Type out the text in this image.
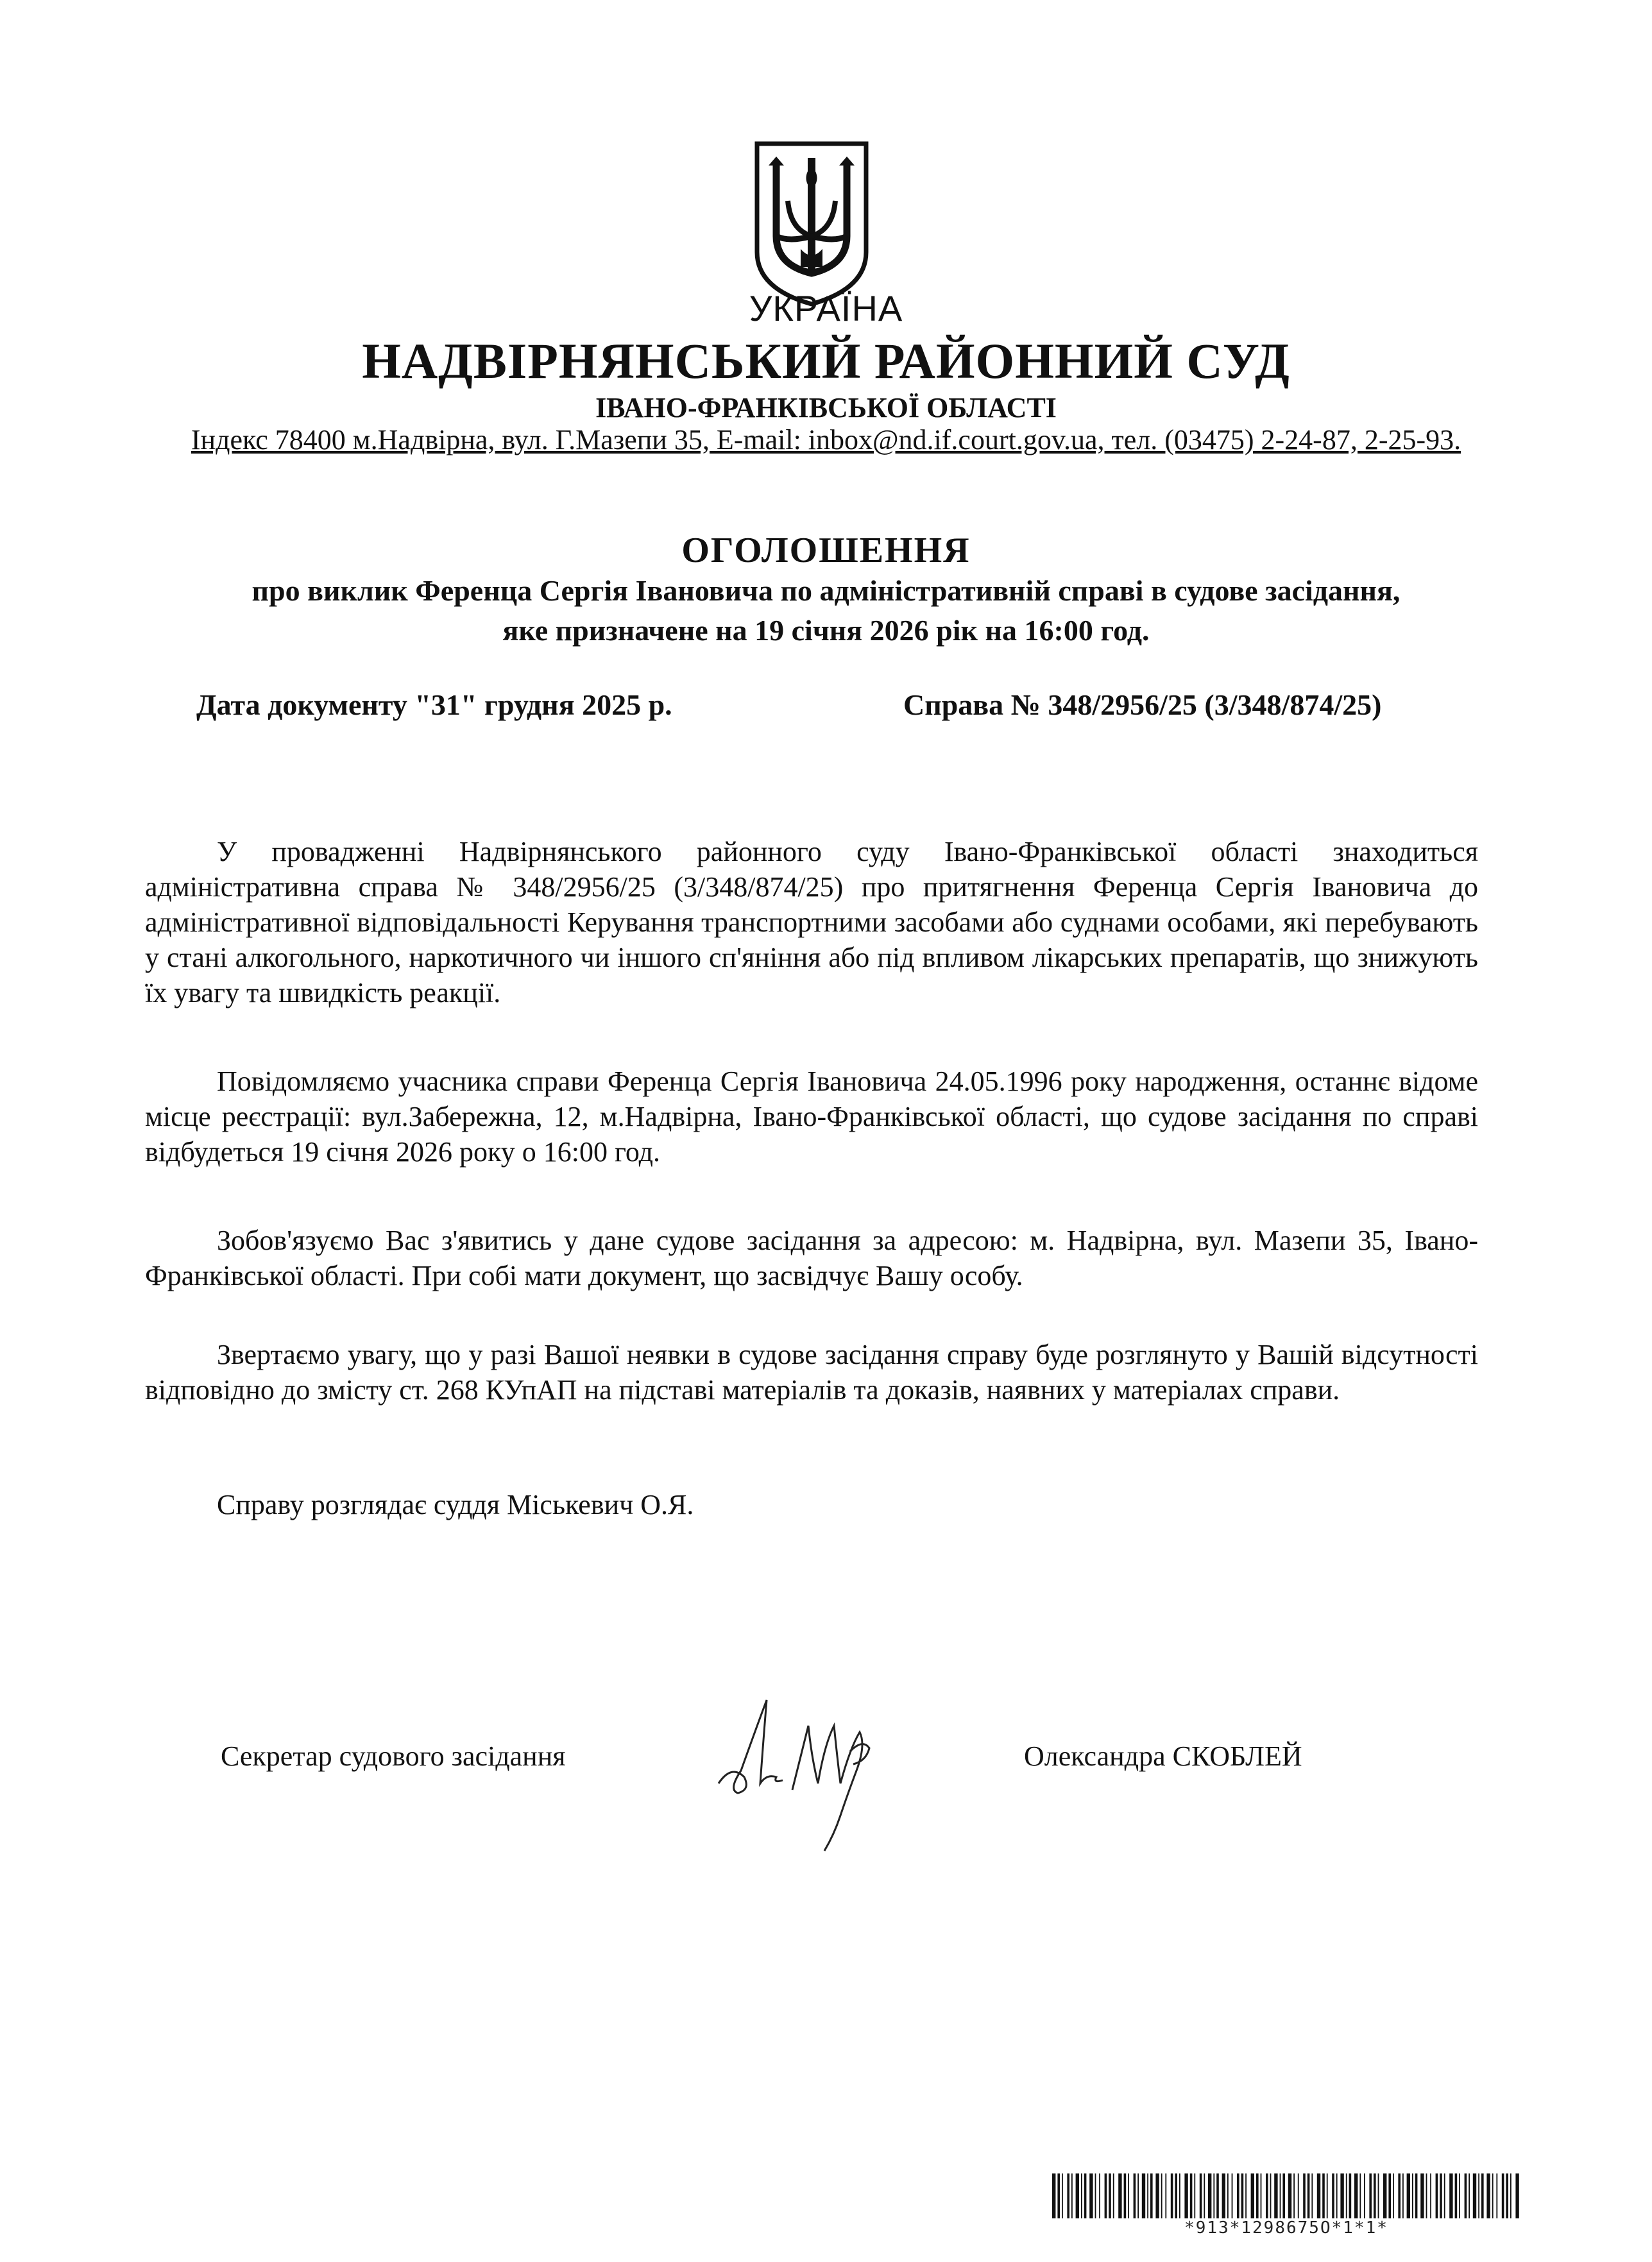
УКРАЇНА
НАДВІРНЯНСЬКИЙ РАЙОННИЙ СУД
ІВАНО-ФРАНКІВСЬКОЇ ОБЛАСТІ
Індекс 78400 м.Надвірна, вул. Г.Мазепи 35, E-mail: inbox@nd.if.court.gov.ua, тел. (03475) 2-24-87, 2-25-93.
ОГОЛОШЕННЯ
про виклик Ференца Сергія Івановича по адміністративній справі в судове засідання,
яке призначене на 19 січня 2026 рік на 16:00 год.
Дата документу "31" грудня 2025 р.	Справа № 348/2956/25 (3/348/874/25)
У провадженні Надвірнянського районного суду Івано-Франківської області знаходиться адміністративна справа № 348/2956/25 (3/348/874/25) про притягнення Ференца Сергія Івановича до адміністративної відповідальності Керування транспортними засобами або суднами особами, які перебувають у стані алкогольного, наркотичного чи іншого сп'яніння або під впливом лікарських препаратів, що знижують їх увагу та швидкість реакції.
Повідомляємо учасника справи Ференца Сергія Івановича 24.05.1996 року народження, останнє відоме місце реєстрації: вул.Забережна, 12, м.Надвірна, Івано-Франківської області, що судове засідання по справі відбудеться 19 січня 2026 року о 16:00 год.
Зобов'язуємо Вас з'явитись у дане судове засідання за адресою: м. Надвірна, вул. Мазепи 35, Івано-Франківської області. При собі мати документ, що засвідчує Вашу особу.
Звертаємо увагу, що у разі Вашої неявки в судове засідання справу буде розглянуто у Вашій відсутності відповідно до змісту ст. 268 КУпАП на підставі матеріалів та доказів, наявних у матеріалах справи.
Справу розглядає суддя Міськевич О.Я.
Секретар судового засідання	Олександра СКОБЛЕЙ
*913*1298675О*1*1*
